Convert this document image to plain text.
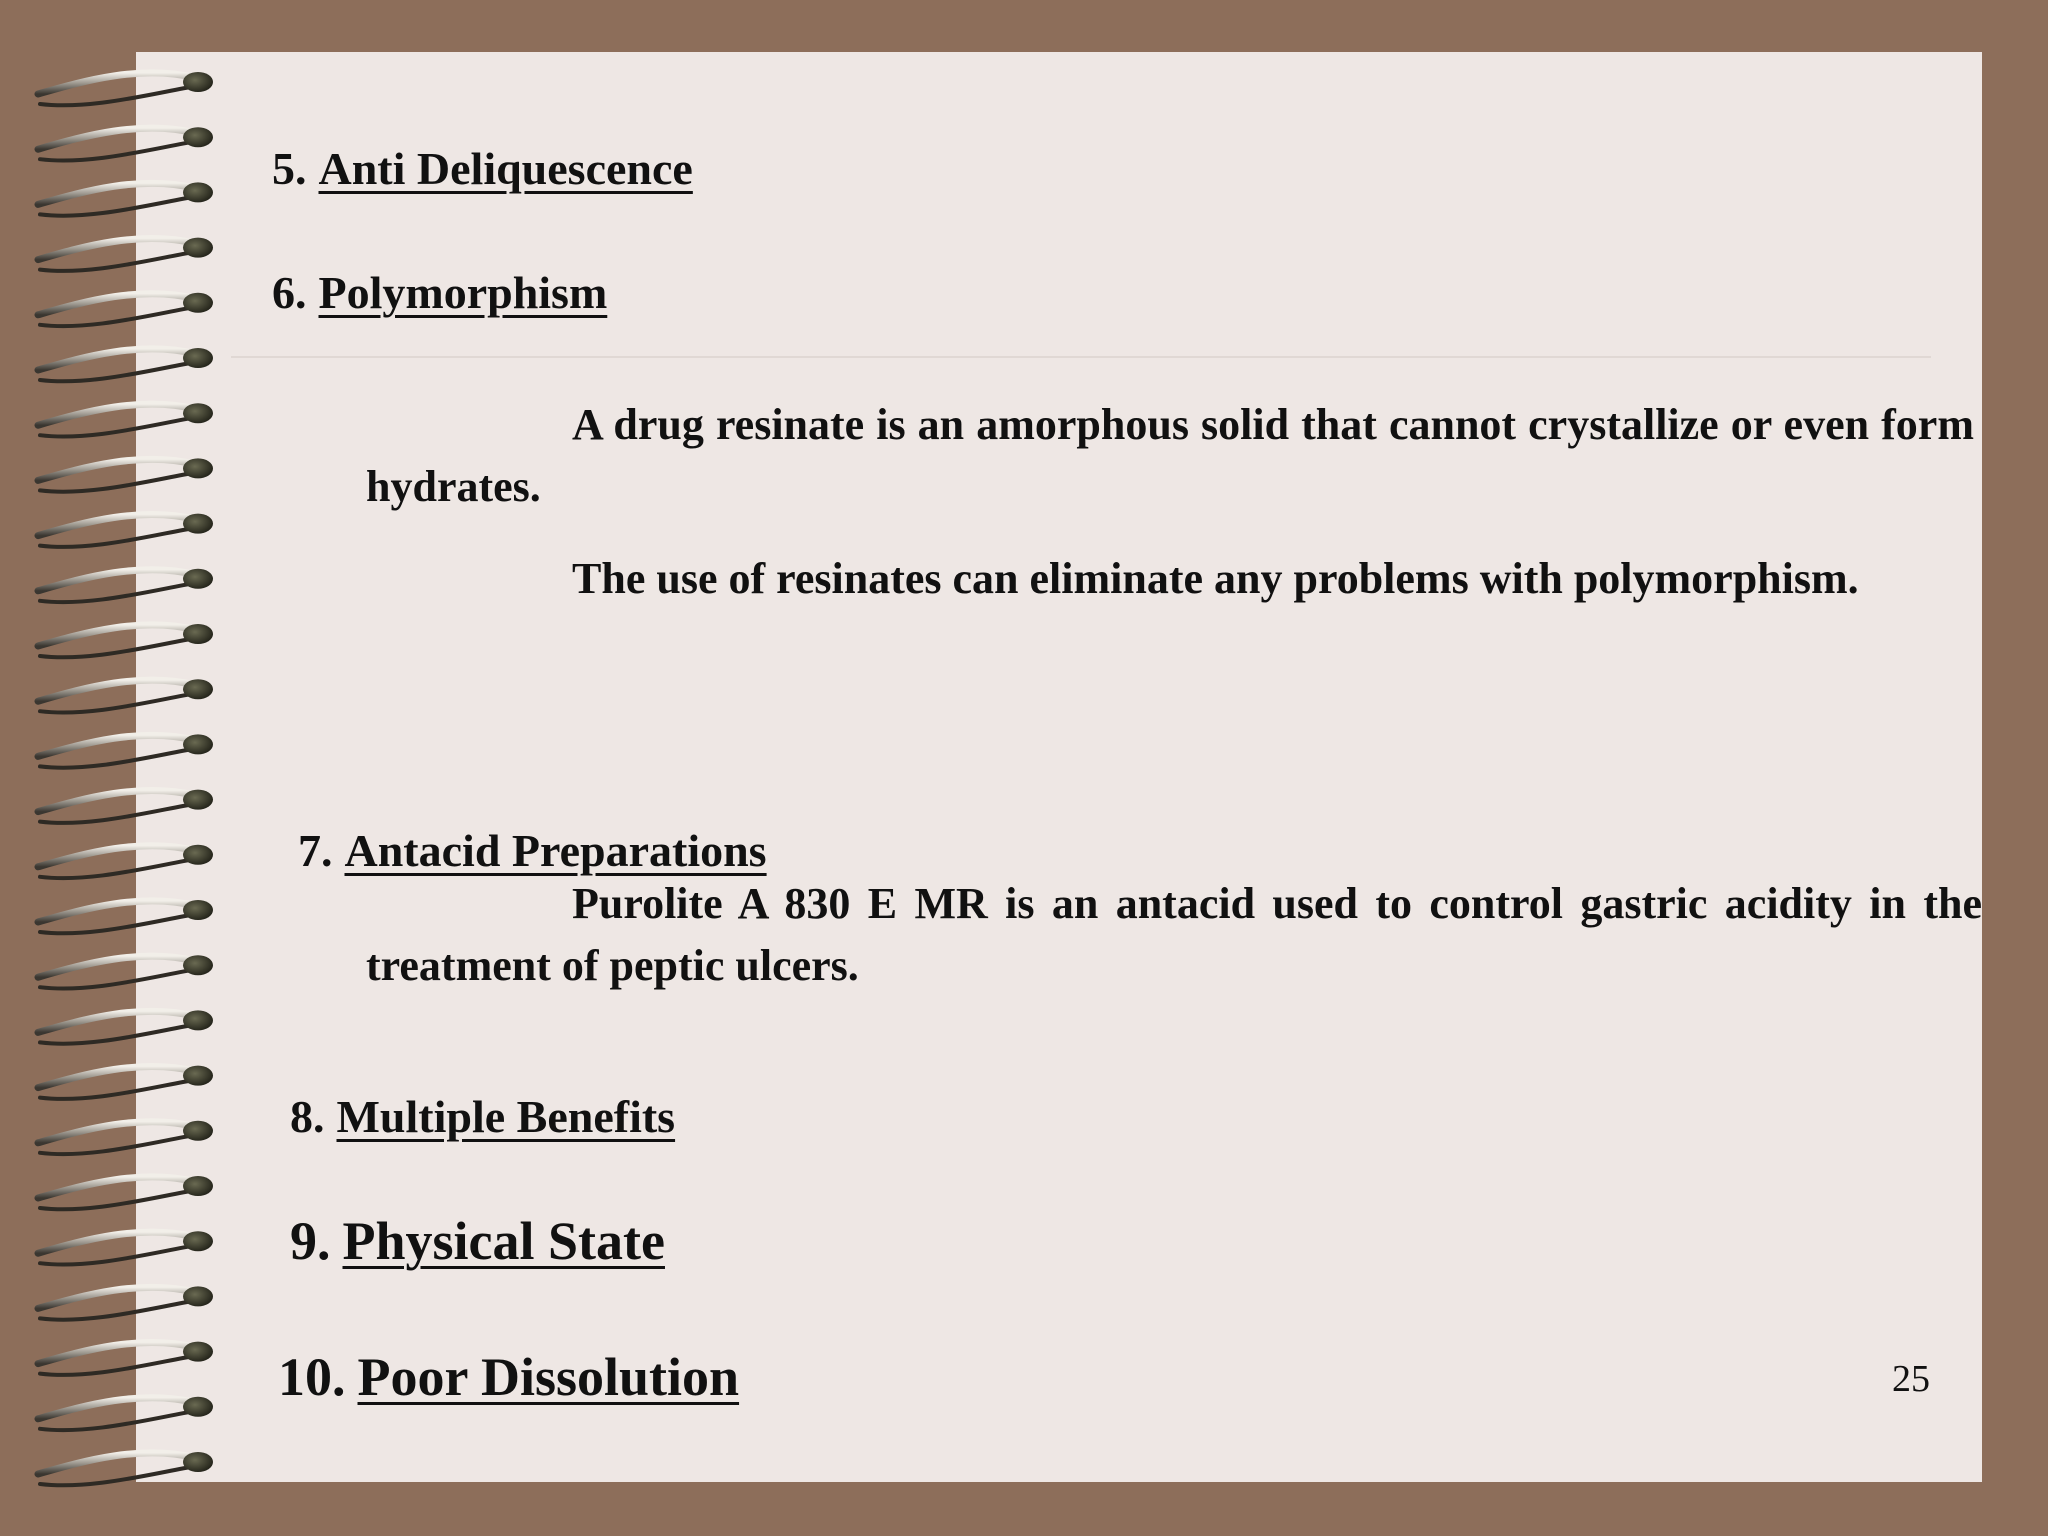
5. Anti Deliquescence
6. Polymorphism
A drug resinate is an amorphous solid that cannot crystallize or even form hydrates.
The use of resinates can eliminate any problems with polymorphism.
7. Antacid Preparations
Purolite A 830 E MR is an antacid used to control gastric acidity in the treatment of peptic ulcers.
8. Multiple Benefits
9. Physical State
10. Poor Dissolution	25
